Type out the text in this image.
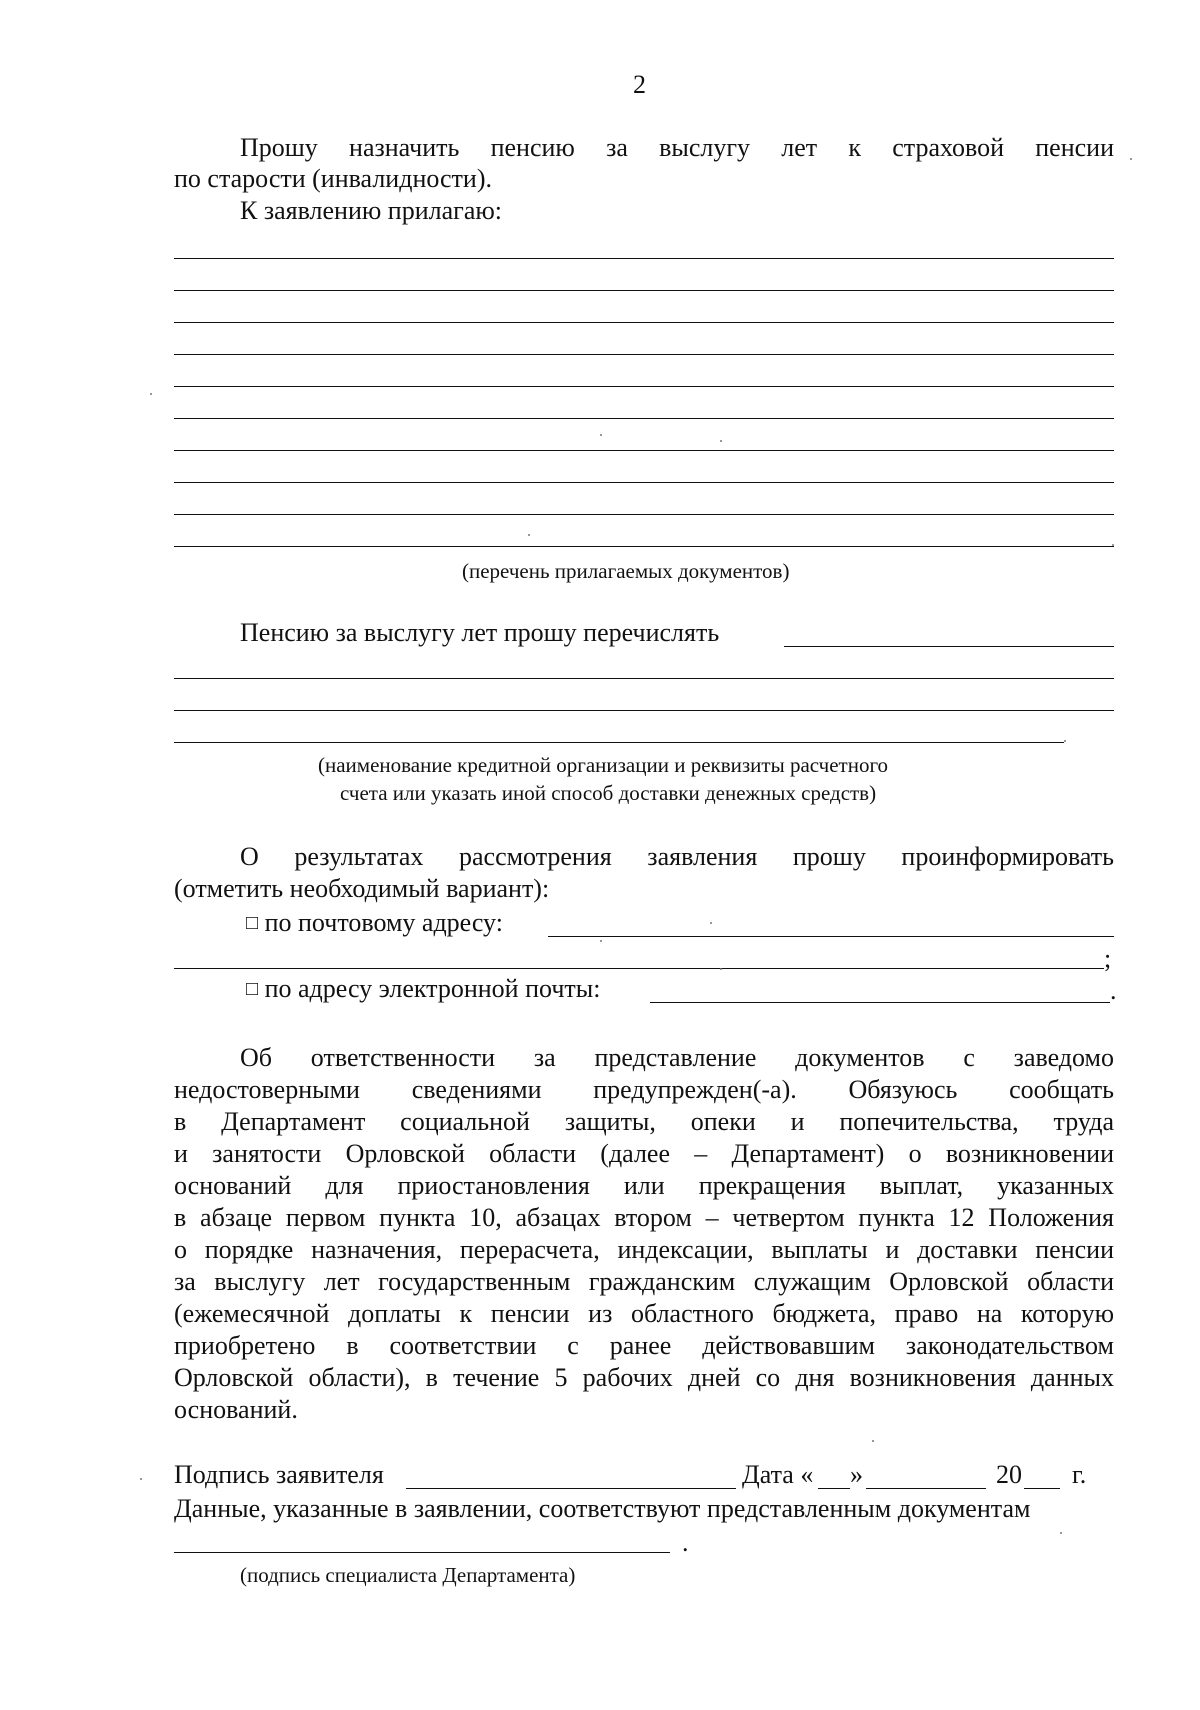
2
Прошу назначить пенсию за выслугу лет к страховой пенсии
по старости (инвалидности).
К заявлению прилагаю:
(перечень прилагаемых документов)
Пенсию за выслугу лет прошу перечислять
(наименование кредитной организации и реквизиты расчетного
счета или указать иной способ доставки денежных средств)
О результатах рассмотрения заявления прошу проинформировать
(отметить необходимый вариант):
□ по почтовому адресу:
;
□ по адресу электронной почты:	.
Об ответственности за представление документов с заведомо
недостоверными сведениями предупрежден(-а). Обязуюсь сообщать
в Департамент социальной защиты, опеки и попечительства, труда
и занятости Орловской области (далее – Департамент) о возникновении
оснований для приостановления или прекращения выплат, указанных
в абзаце первом пункта 10, абзацах втором – четвертом пункта 12 Положения
о порядке назначения, перерасчета, индексации, выплаты и доставки пенсии
за выслугу лет государственным гражданским служащим Орловской области
(ежемесячной доплаты к пенсии из областного бюджета, право на которую
приобретено в соответствии с ранее действовавшим законодательством
Орловской области), в течение 5 рабочих дней со дня возникновения данных
оснований.
Подпись заявителя	Дата « »	20 г.
Данные, указанные в заявлении, соответствуют представленным документам
.
(подпись специалиста Департамента)
